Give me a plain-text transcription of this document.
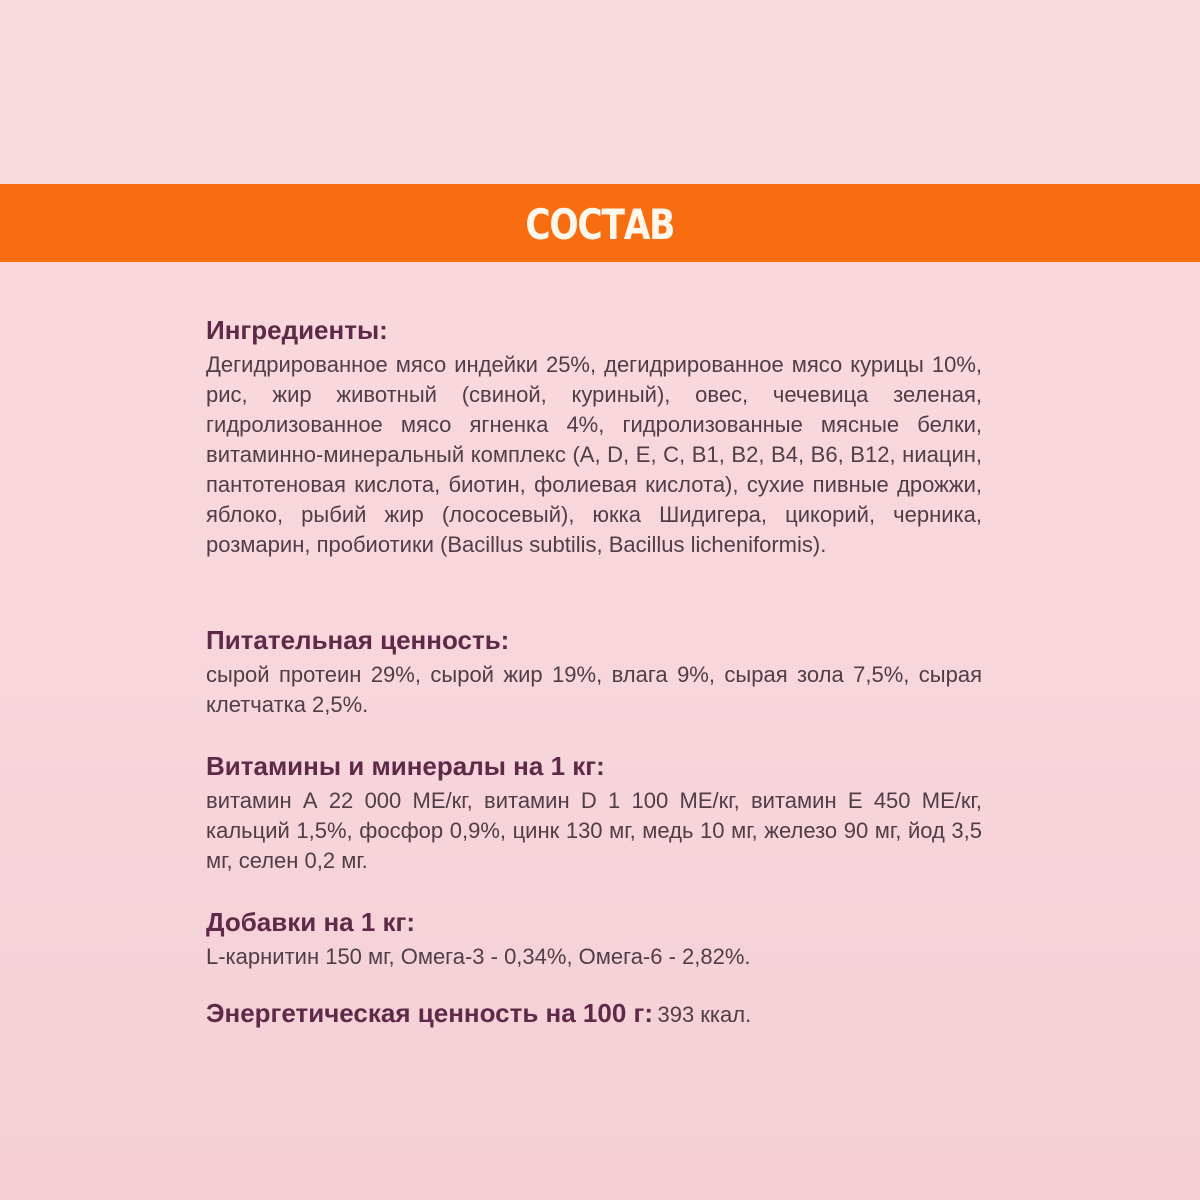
СОСТАВ
Ингредиенты:
Дегидрированное мясо индейки 25%, дегидрированное мясо курицы 10%, рис, жир животный (свиной, куриный), овес, чечевица зеленая, гидролизованное мясо ягненка 4%, гидролизованные мясные белки, витаминно-минеральный комплекс (A, D, E, C, B1, B2, B4, B6, B12, ниацин, пантотеновая кислота, биотин, фолиевая кислота), сухие пивные дрожжи, яблоко, рыбий жир (лососевый), юкка Шидигера, цикорий, черника, розмарин, пробиотики (Bacillus subtilis, Bacillus licheniformis).
Питательная ценность:
сырой протеин 29%, сырой жир 19%, влага 9%, сырая зола 7,5%, сырая клетчатка 2,5%.
Витамины и минералы на 1 кг:
витамин А 22 000 МЕ/кг, витамин D 1 100 МЕ/кг, витамин Е 450 МЕ/кг, кальций 1,5%, фосфор 0,9%, цинк 130 мг, медь 10 мг, железо 90 мг, йод 3,5 мг, селен 0,2 мг.
Добавки на 1 кг:
L-карнитин 150 мг, Омега-3 - 0,34%, Омега-6 - 2,82%.
Энергетическая ценность на 100 г: 393 ккал.
